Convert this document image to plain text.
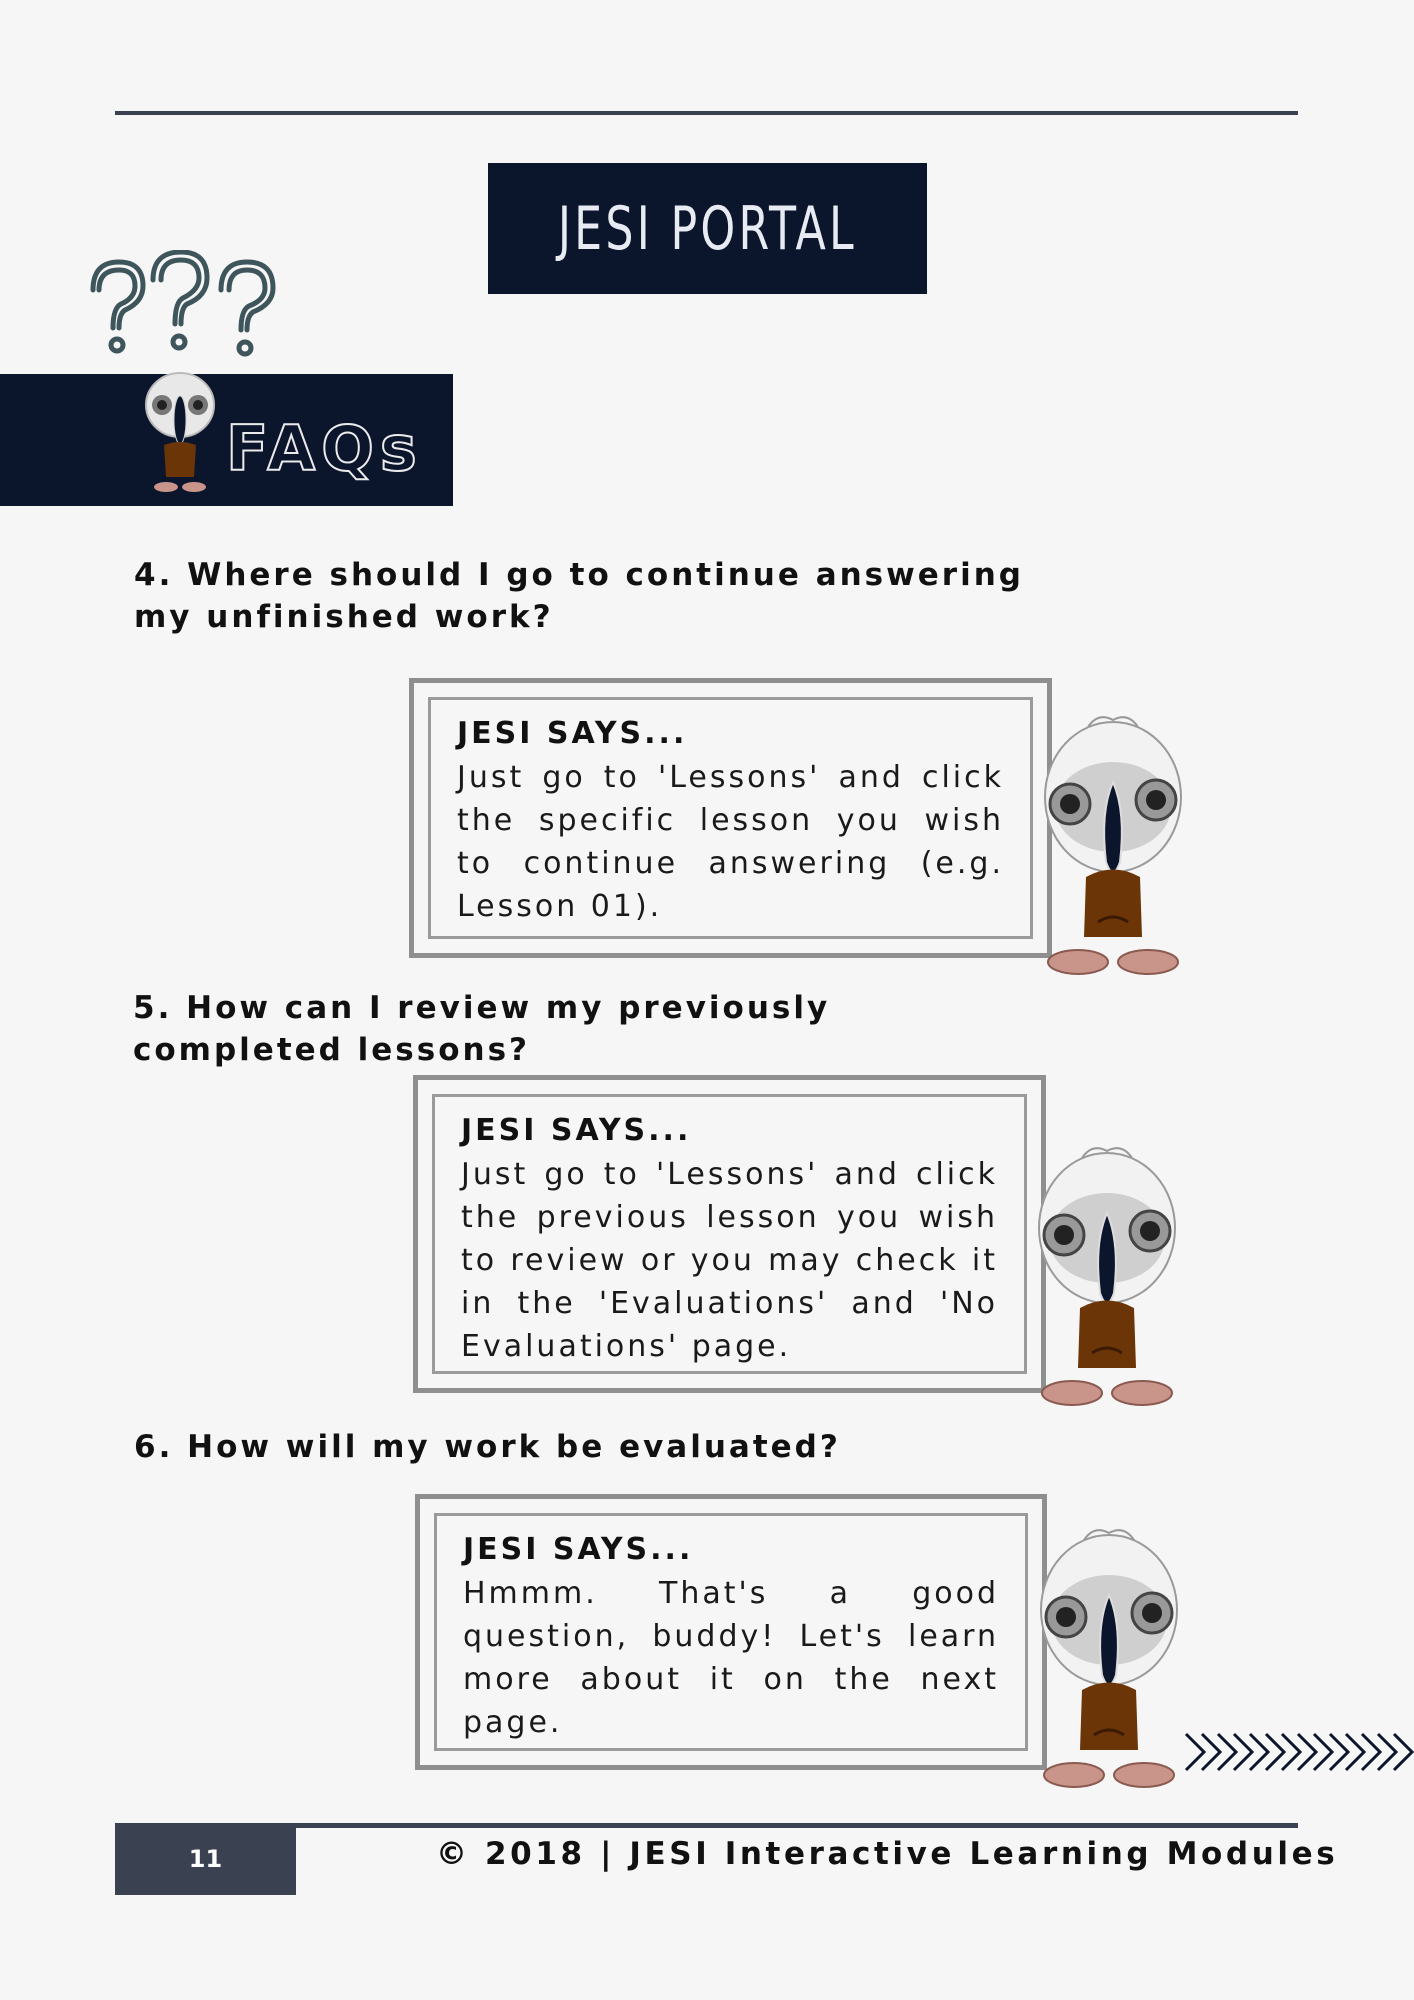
JESI PORTAL
FAQs
4. Where should I go to continue answering my unfinished work?

JESI SAYS...

Just go to 'Lessons' and click the specific lesson you wish to continue answering (e.g. Lesson 01).

5. How can I review my previously completed lessons?

JESI SAYS...

Just go to 'Lessons' and click the previous lesson you wish to review or you may check it in the 'Evaluations' and 'No Evaluations' page.

6. How will my work be evaluated?

JESI SAYS...

Hmmm. That's a good question, buddy! Let's learn more about it on the next page.

11	© 2018 | JESI Interactive Learning Modules
